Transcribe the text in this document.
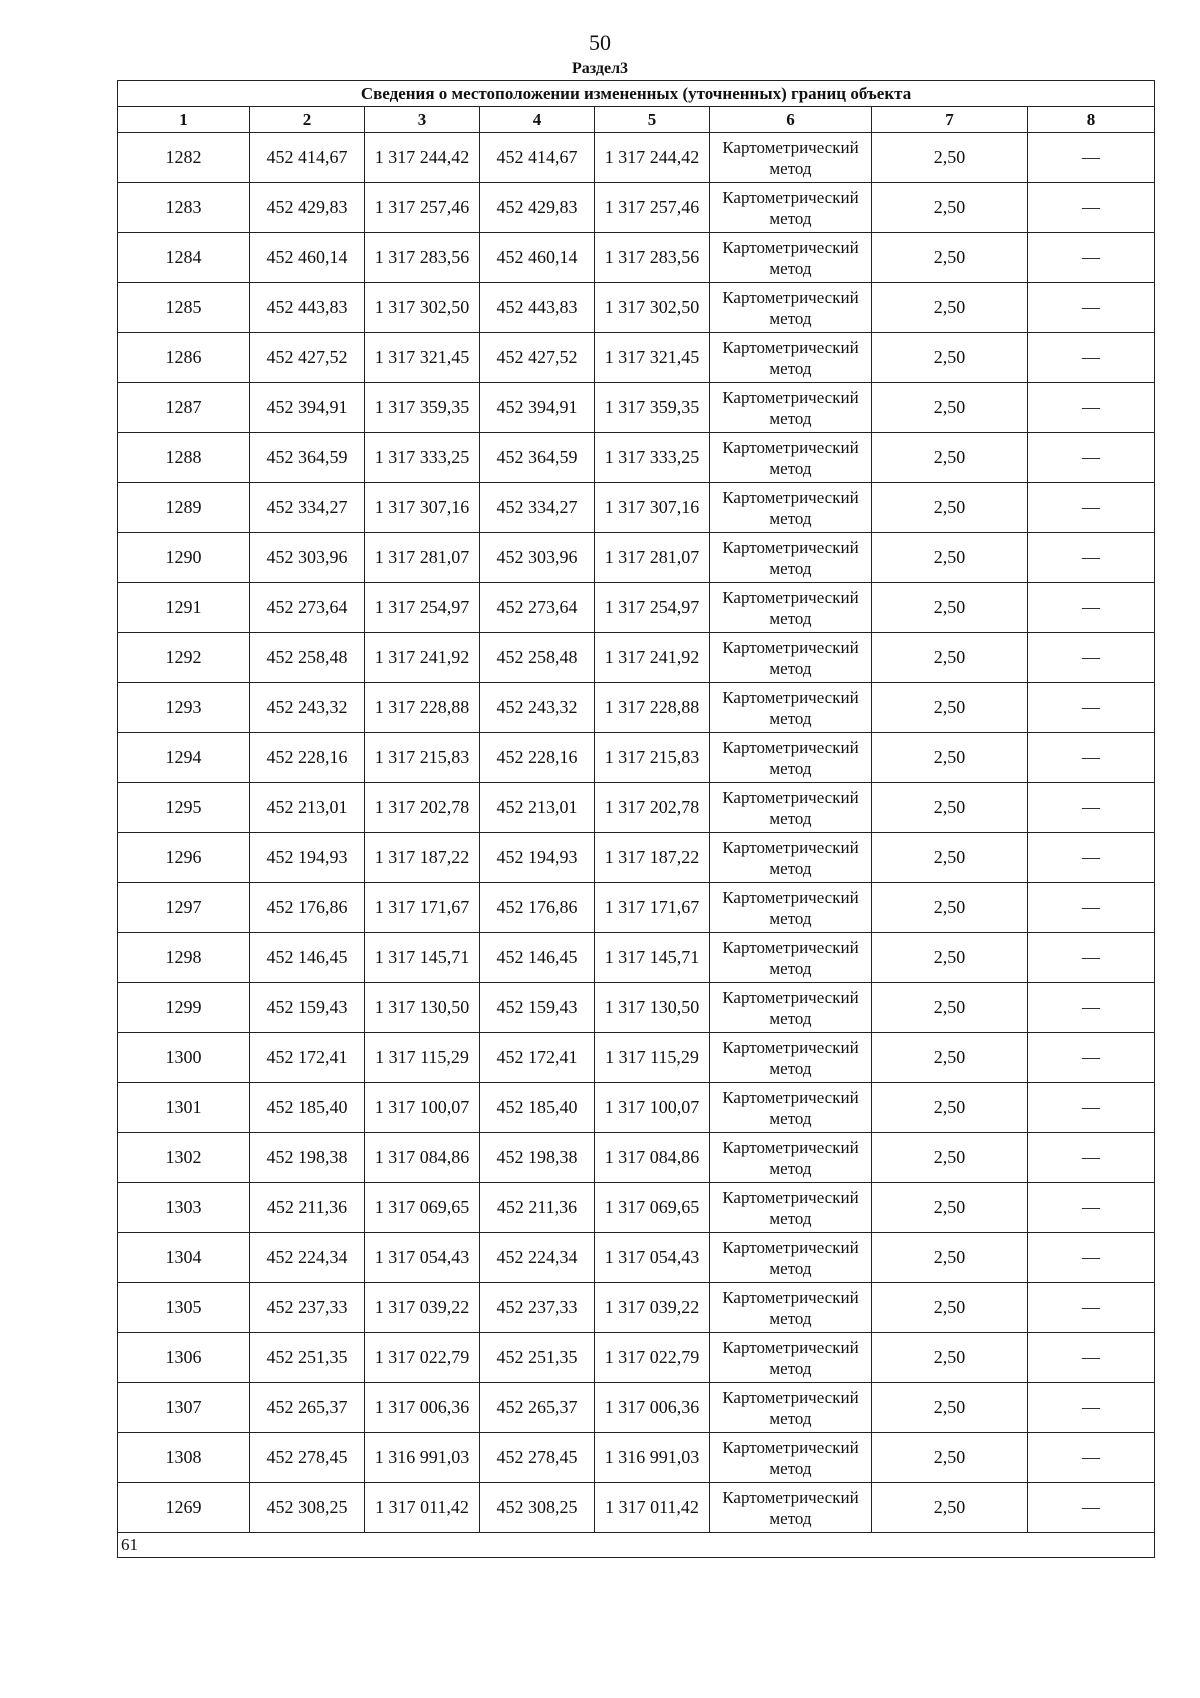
50
Раздел3
Сведения о местоположении измененных (уточненных) границ объекта							
1	2	3	4	5	6	7	8
1282	452 414,67	1 317 244,42	452 414,67	1 317 244,42	Картометрический метод	2,50	—
1283	452 429,83	1 317 257,46	452 429,83	1 317 257,46	Картометрический метод	2,50	—
1284	452 460,14	1 317 283,56	452 460,14	1 317 283,56	Картометрический метод	2,50	—
1285	452 443,83	1 317 302,50	452 443,83	1 317 302,50	Картометрический метод	2,50	—
1286	452 427,52	1 317 321,45	452 427,52	1 317 321,45	Картометрический метод	2,50	—
1287	452 394,91	1 317 359,35	452 394,91	1 317 359,35	Картометрический метод	2,50	—
1288	452 364,59	1 317 333,25	452 364,59	1 317 333,25	Картометрический метод	2,50	—
1289	452 334,27	1 317 307,16	452 334,27	1 317 307,16	Картометрический метод	2,50	—
1290	452 303,96	1 317 281,07	452 303,96	1 317 281,07	Картометрический метод	2,50	—
1291	452 273,64	1 317 254,97	452 273,64	1 317 254,97	Картометрический метод	2,50	—
1292	452 258,48	1 317 241,92	452 258,48	1 317 241,92	Картометрический метод	2,50	—
1293	452 243,32	1 317 228,88	452 243,32	1 317 228,88	Картометрический метод	2,50	—
1294	452 228,16	1 317 215,83	452 228,16	1 317 215,83	Картометрический метод	2,50	—
1295	452 213,01	1 317 202,78	452 213,01	1 317 202,78	Картометрический метод	2,50	—
1296	452 194,93	1 317 187,22	452 194,93	1 317 187,22	Картометрический метод	2,50	—
1297	452 176,86	1 317 171,67	452 176,86	1 317 171,67	Картометрический метод	2,50	—
1298	452 146,45	1 317 145,71	452 146,45	1 317 145,71	Картометрический метод	2,50	—
1299	452 159,43	1 317 130,50	452 159,43	1 317 130,50	Картометрический метод	2,50	—
1300	452 172,41	1 317 115,29	452 172,41	1 317 115,29	Картометрический метод	2,50	—
1301	452 185,40	1 317 100,07	452 185,40	1 317 100,07	Картометрический метод	2,50	—
1302	452 198,38	1 317 084,86	452 198,38	1 317 084,86	Картометрический метод	2,50	—
1303	452 211,36	1 317 069,65	452 211,36	1 317 069,65	Картометрический метод	2,50	—
1304	452 224,34	1 317 054,43	452 224,34	1 317 054,43	Картометрический метод	2,50	—
1305	452 237,33	1 317 039,22	452 237,33	1 317 039,22	Картометрический метод	2,50	—
1306	452 251,35	1 317 022,79	452 251,35	1 317 022,79	Картометрический метод	2,50	—
1307	452 265,37	1 317 006,36	452 265,37	1 317 006,36	Картометрический метод	2,50	—
1308	452 278,45	1 316 991,03	452 278,45	1 316 991,03	Картометрический метод	2,50	—
1269	452 308,25	1 317 011,42	452 308,25	1 317 011,42	Картометрический метод	2,50	—
61							
